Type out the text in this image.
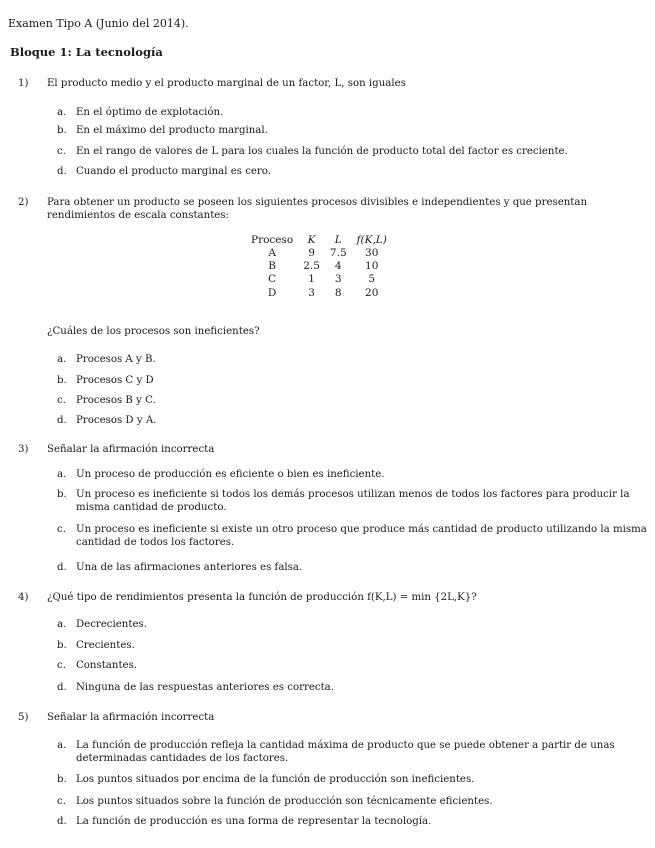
Examen Tipo A (Junio del 2014).
Bloque 1: La tecnología
1)	El producto medio y el producto marginal de un factor, L, son iguales
a. En el óptimo de explotación.
b. En el máximo del producto marginal.
c. En el rango de valores de L para los cuales la función de producto total del factor es creciente.
d. Cuando el producto marginal es cero.
2)	Para obtener un producto se poseen los siguientes procesos divisibles e independientes y que presentan rendimientos de escala constantes:
Proceso	K	L	f(K,L)
A	9	7.5	30
B	2.5	4	10
C	1	3	5
D	3	8	20
¿Cuáles de los procesos son ineficientes?
a. Procesos A y B.
b. Procesos C y D
c. Procesos B y C.
d. Procesos D y A.
3)	Señalar la afirmación incorrecta
a. Un proceso de producción es eficiente o bien es ineficiente.
b. Un proceso es ineficiente si todos los demás procesos utilizan menos de todos los factores para producir la misma cantidad de producto.
c. Un proceso es ineficiente si existe un otro proceso que produce más cantidad de producto utilizando la misma cantidad de todos los factores.
d. Una de las afirmaciones anteriores es falsa.
4)	¿Qué tipo de rendimientos presenta la función de producción f(K,L) = min {2L,K}?
a. Decrecientes.
b. Crecientes.
c. Constantes.
d. Ninguna de las respuestas anteriores es correcta.
5)	Señalar la afirmación incorrecta
a. La función de producción refleja la cantidad máxima de producto que se puede obtener a partir de unas determinadas cantidades de los factores.
b. Los puntos situados por encima de la función de producción son ineficientes.
c. Los puntos situados sobre la función de producción son técnicamente eficientes.
d. La función de producción es una forma de representar la tecnología.
